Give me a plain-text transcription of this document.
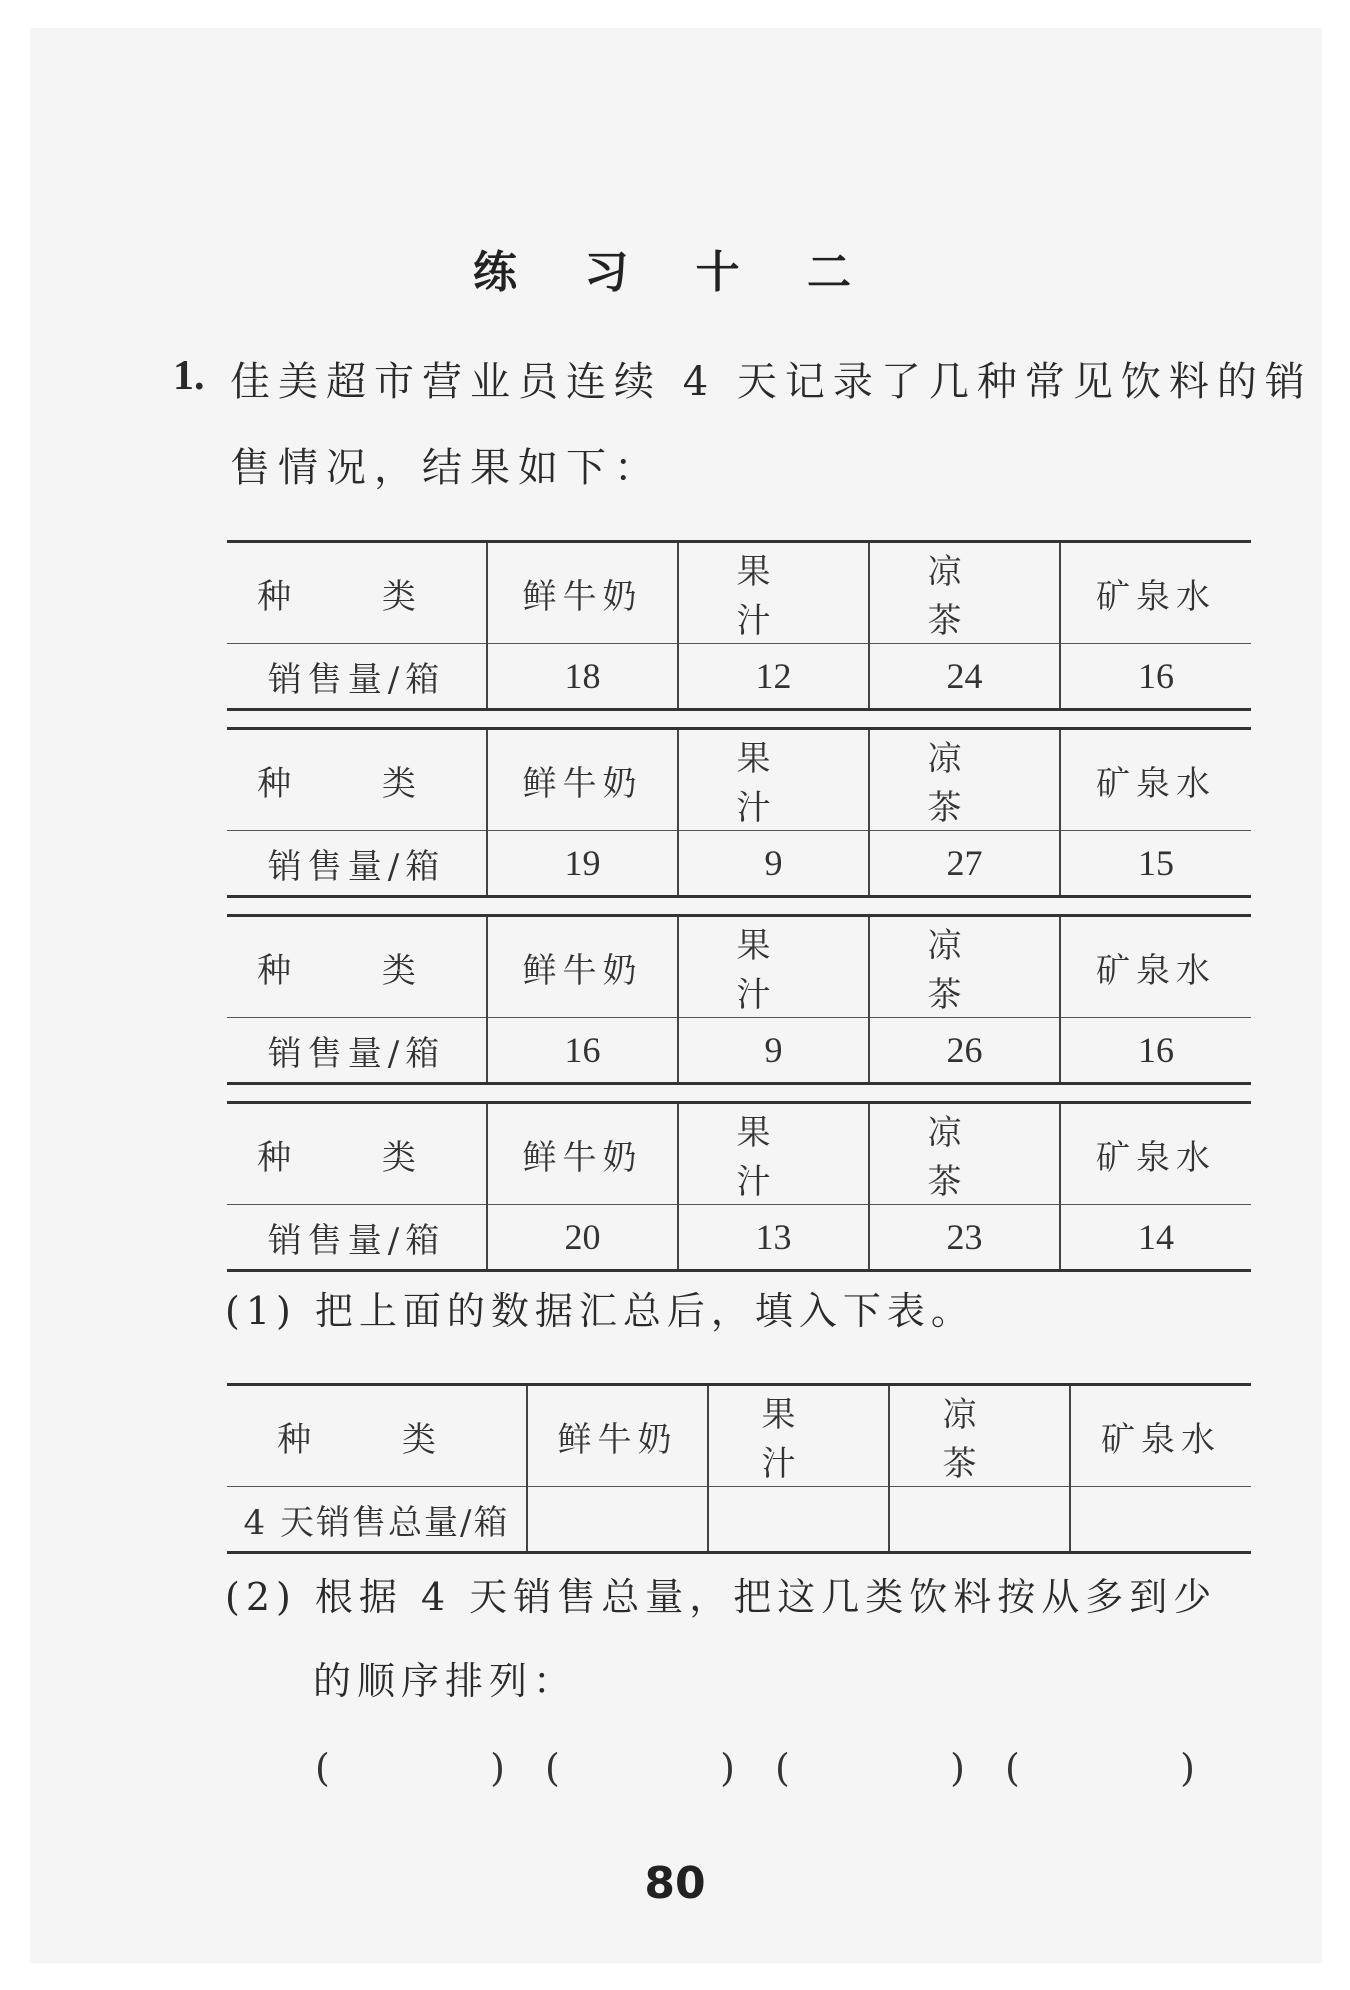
练 习 十 二
1. 佳美超市营业员连续 4 天记录了几种常见饮料的销
售情况，结果如下：
种 类	鲜牛奶	果 汁	凉 茶	矿泉水
销售量/箱	18	12	24	16
种 类	鲜牛奶	果 汁	凉 茶	矿泉水
销售量/箱	19	9	27	15
种 类	鲜牛奶	果 汁	凉 茶	矿泉水
销售量/箱	16	9	26	16
种 类	鲜牛奶	果 汁	凉 茶	矿泉水
销售量/箱	20	13	23	14
(1) 把上面的数据汇总后，填入下表。
种 类	鲜牛奶	果 汁	凉 茶	矿泉水
4 天销售总量/箱				
(2) 根据 4 天销售总量，把这几类饮料按从多到少
的顺序排列：
(	) (	) (	) (	)
80
